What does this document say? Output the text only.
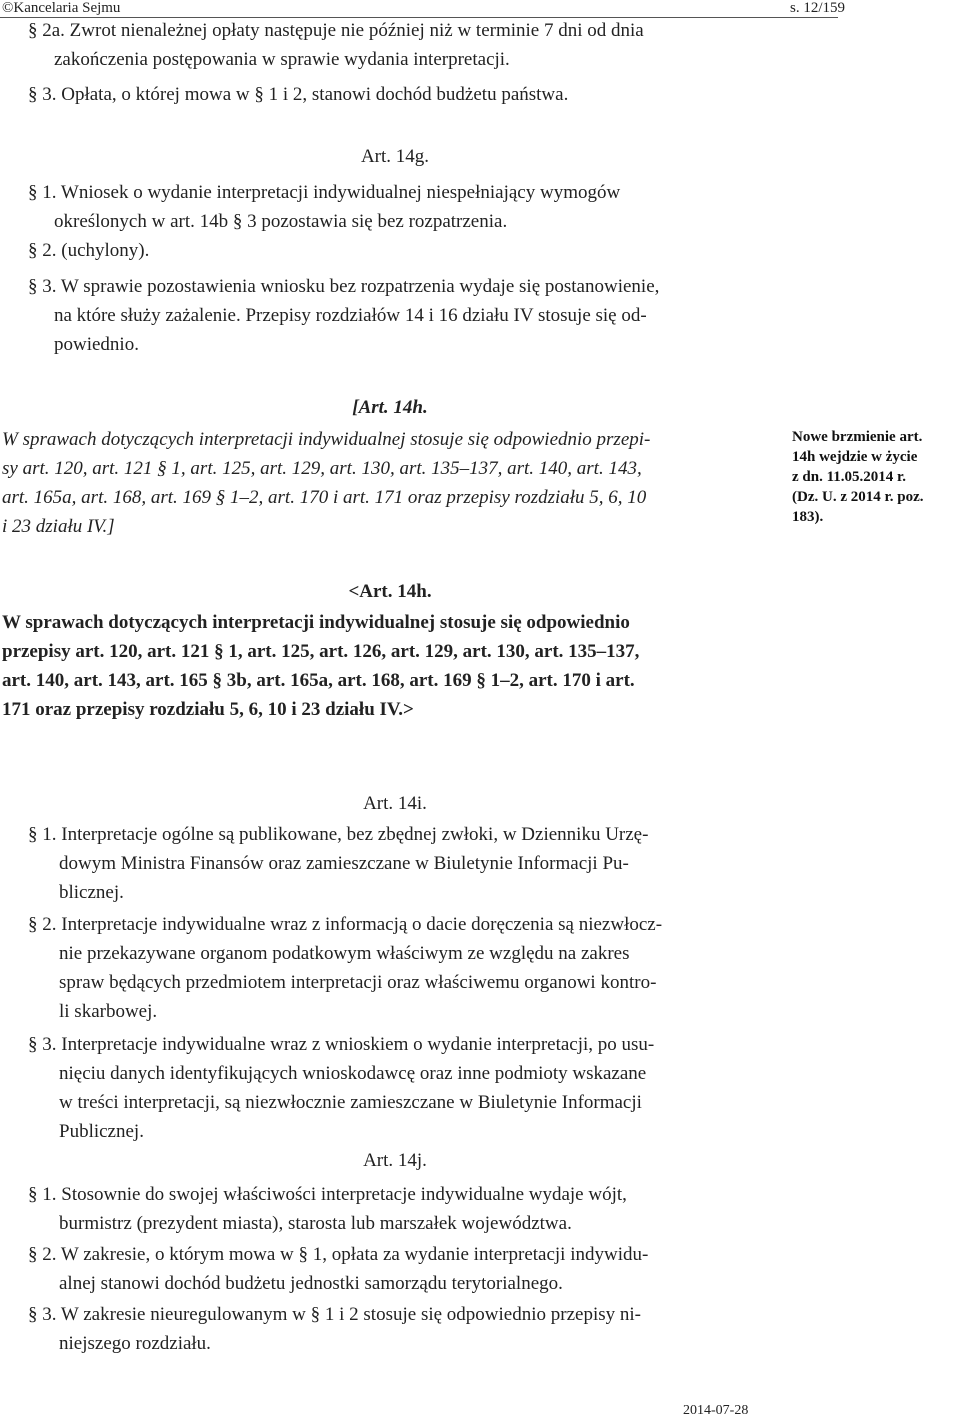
©Kancelaria Sejmu	s. 12/159
§ 2a. Zwrot nienależnej opłaty następuje nie później niż w terminie 7 dni od dnia
zakończenia postępowania w sprawie wydania interpretacji.
§ 3. Opłata, o której mowa w § 1 i 2, stanowi dochód budżetu państwa.
Art. 14g.
§ 1. Wniosek o wydanie interpretacji indywidualnej niespełniający wymogów
określonych w art. 14b § 3 pozostawia się bez rozpatrzenia.
§ 2. (uchylony).
§ 3. W sprawie pozostawienia wniosku bez rozpatrzenia wydaje się postanowienie,
na które służy zażalenie. Przepisy rozdziałów 14 i 16 działu IV stosuje się od-
powiednio.
[Art. 14h.
W sprawach dotyczących interpretacji indywidualnej stosuje się odpowiednio przepi-
sy art. 120, art. 121 § 1, art. 125, art. 129, art. 130, art. 135–137, art. 140, art. 143,
art. 165a, art. 168, art. 169 § 1–2, art. 170 i art. 171 oraz przepisy rozdziału 5, 6, 10
i 23 działu IV.]
Nowe brzmienie art.
14h wejdzie w życie
z dn. 11.05.2014 r.
(Dz. U. z 2014 r. poz.
183).
<Art. 14h.
W sprawach dotyczących interpretacji indywidualnej stosuje się odpowiednio
przepisy art. 120, art. 121 § 1, art. 125, art. 126, art. 129, art. 130, art. 135–137,
art. 140, art. 143, art. 165 § 3b, art. 165a, art. 168, art. 169 § 1–2, art. 170 i art.
171 oraz przepisy rozdziału 5, 6, 10 i 23 działu IV.>
Art. 14i.
§ 1. Interpretacje ogólne są publikowane, bez zbędnej zwłoki, w Dzienniku Urzę-
dowym Ministra Finansów oraz zamieszczane w Biuletynie Informacji Pu-
blicznej.
§ 2. Interpretacje indywidualne wraz z informacją o dacie doręczenia są niezwłocz-
nie przekazywane organom podatkowym właściwym ze względu na zakres
spraw będących przedmiotem interpretacji oraz właściwemu organowi kontro-
li skarbowej.
§ 3. Interpretacje indywidualne wraz z wnioskiem o wydanie interpretacji, po usu-
nięciu danych identyfikujących wnioskodawcę oraz inne podmioty wskazane
w treści interpretacji, są niezwłocznie zamieszczane w Biuletynie Informacji
Publicznej.
Art. 14j.
§ 1. Stosownie do swojej właściwości interpretacje indywidualne wydaje wójt,
burmistrz (prezydent miasta), starosta lub marszałek województwa.
§ 2. W zakresie, o którym mowa w § 1, opłata za wydanie interpretacji indywidu-
alnej stanowi dochód budżetu jednostki samorządu terytorialnego.
§ 3. W zakresie nieuregulowanym w § 1 i 2 stosuje się odpowiednio przepisy ni-
niejszego rozdziału.
2014-07-28
